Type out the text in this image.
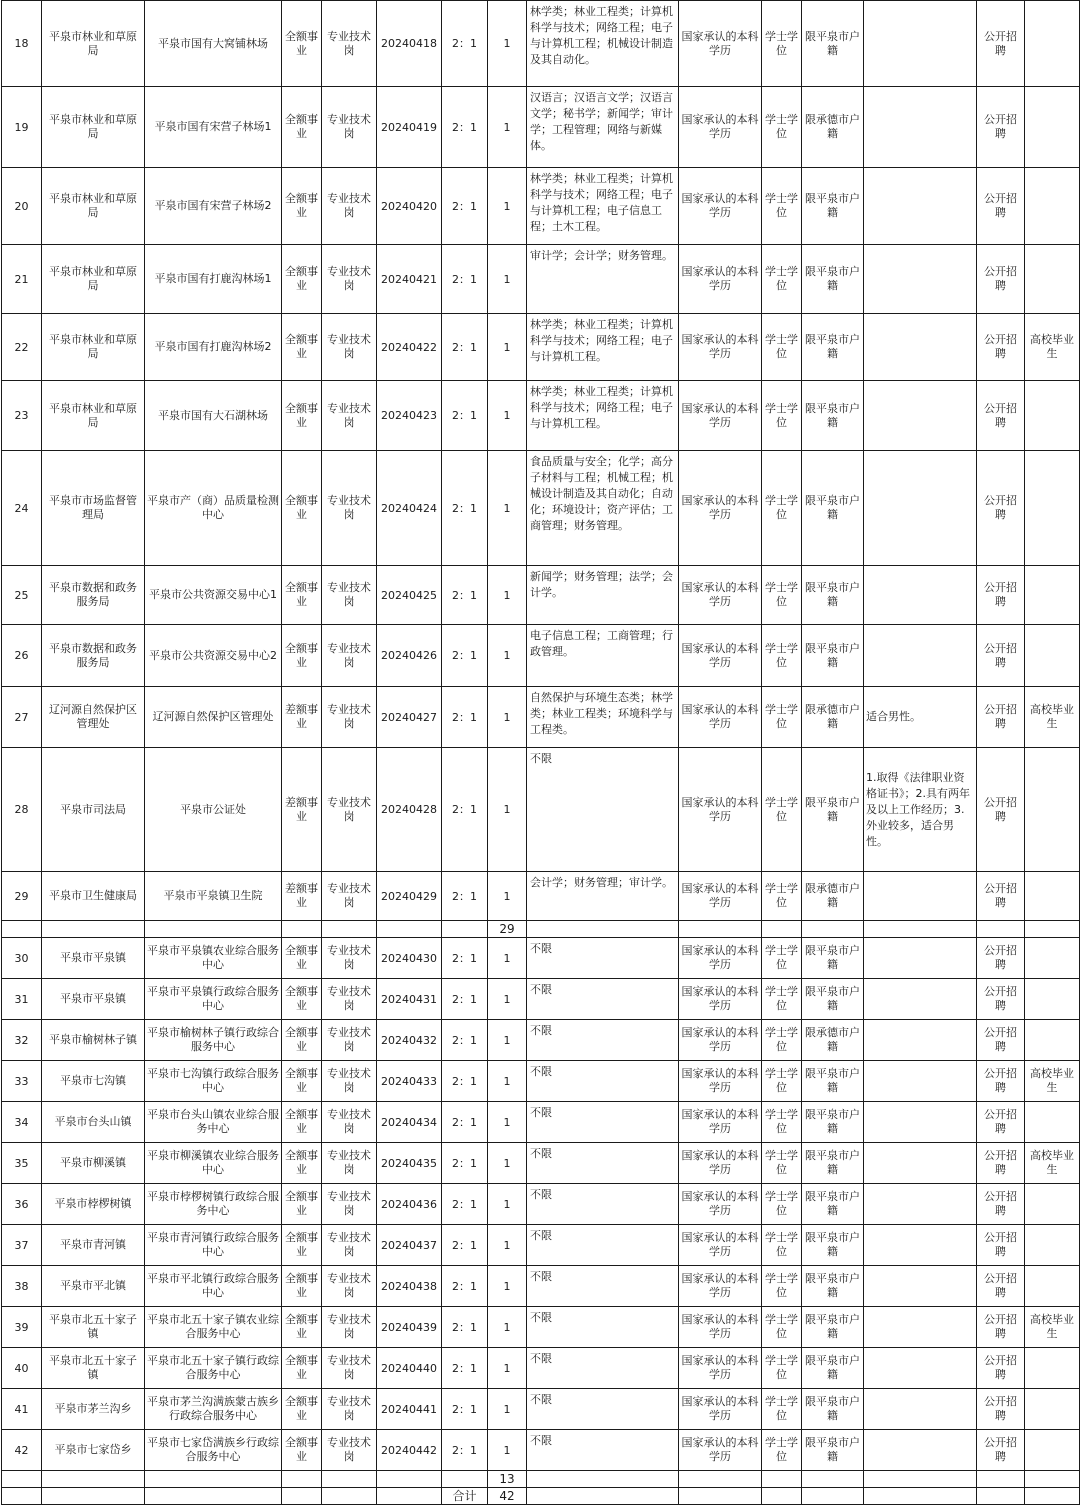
18	平泉市林业和草原局	平泉市国有大窝铺林场	全额事业	专业技术岗	20240418	2：1	1	林学类；林业工程类；计算机科学与技术；网络工程；电子与计算机工程；机械设计制造及其自动化。	国家承认的本科学历	学士学位	限平泉市户籍		公开招聘	
19	平泉市林业和草原局	平泉市国有宋营子林场1	全额事业	专业技术岗	20240419	2：1	1	汉语言；汉语言文学；汉语言文学；秘书学；新闻学；审计学；工程管理；网络与新媒体。	国家承认的本科学历	学士学位	限承德市户籍		公开招聘	
20	平泉市林业和草原局	平泉市国有宋营子林场2	全额事业	专业技术岗	20240420	2：1	1	林学类；林业工程类；计算机科学与技术；网络工程；电子与计算机工程；电子信息工程；土木工程。	国家承认的本科学历	学士学位	限平泉市户籍		公开招聘	
21	平泉市林业和草原局	平泉市国有打鹿沟林场1	全额事业	专业技术岗	20240421	2：1	1	审计学；会计学；财务管理。	国家承认的本科学历	学士学位	限平泉市户籍		公开招聘	
22	平泉市林业和草原局	平泉市国有打鹿沟林场2	全额事业	专业技术岗	20240422	2：1	1	林学类；林业工程类；计算机科学与技术；网络工程；电子与计算机工程。	国家承认的本科学历	学士学位	限平泉市户籍		公开招聘	高校毕业生
23	平泉市林业和草原局	平泉市国有大石湖林场	全额事业	专业技术岗	20240423	2：1	1	林学类；林业工程类；计算机科学与技术；网络工程；电子与计算机工程。	国家承认的本科学历	学士学位	限平泉市户籍		公开招聘	
24	平泉市市场监督管理局	平泉市产（商）品质量检测中心	全额事业	专业技术岗	20240424	2：1	1	食品质量与安全；化学；高分子材料与工程；机械工程；机械设计制造及其自动化；自动化；环境设计；资产评估；工商管理；财务管理。	国家承认的本科学历	学士学位	限平泉市户籍		公开招聘	
25	平泉市数据和政务服务局	平泉市公共资源交易中心1	全额事业	专业技术岗	20240425	2：1	1	新闻学；财务管理；法学；会计学。	国家承认的本科学历	学士学位	限平泉市户籍		公开招聘	
26	平泉市数据和政务服务局	平泉市公共资源交易中心2	全额事业	专业技术岗	20240426	2：1	1	电子信息工程；工商管理；行政管理。	国家承认的本科学历	学士学位	限平泉市户籍		公开招聘	
27	辽河源自然保护区管理处	辽河源自然保护区管理处	差额事业	专业技术岗	20240427	2：1	1	自然保护与环境生态类；林学类；林业工程类；环境科学与工程类。	国家承认的本科学历	学士学位	限承德市户籍	适合男性。	公开招聘	高校毕业生
28	平泉市司法局	平泉市公证处	差额事业	专业技术岗	20240428	2：1	1	不限	国家承认的本科学历	学士学位	限平泉市户籍	1.取得《法律职业资格证书》；2.具有两年及以上工作经历；3.外业较多，适合男性。	公开招聘	
29	平泉市卫生健康局	平泉市平泉镇卫生院	差额事业	专业技术岗	20240429	2：1	1	会计学；财务管理；审计学。	国家承认的本科学历	学士学位	限承德市户籍		公开招聘	
							29							
30	平泉市平泉镇	平泉市平泉镇农业综合服务中心	全额事业	专业技术岗	20240430	2：1	1	不限	国家承认的本科学历	学士学位	限平泉市户籍		公开招聘	
31	平泉市平泉镇	平泉市平泉镇行政综合服务中心	全额事业	专业技术岗	20240431	2：1	1	不限	国家承认的本科学历	学士学位	限平泉市户籍		公开招聘	
32	平泉市榆树林子镇	平泉市榆树林子镇行政综合服务中心	全额事业	专业技术岗	20240432	2：1	1	不限	国家承认的本科学历	学士学位	限承德市户籍		公开招聘	
33	平泉市七沟镇	平泉市七沟镇行政综合服务中心	全额事业	专业技术岗	20240433	2：1	1	不限	国家承认的本科学历	学士学位	限平泉市户籍		公开招聘	高校毕业生
34	平泉市台头山镇	平泉市台头山镇农业综合服务中心	全额事业	专业技术岗	20240434	2：1	1	不限	国家承认的本科学历	学士学位	限平泉市户籍		公开招聘	
35	平泉市柳溪镇	平泉市柳溪镇农业综合服务中心	全额事业	专业技术岗	20240435	2：1	1	不限	国家承认的本科学历	学士学位	限平泉市户籍		公开招聘	高校毕业生
36	平泉市桲椤树镇	平泉市桲椤树镇行政综合服务中心	全额事业	专业技术岗	20240436	2：1	1	不限	国家承认的本科学历	学士学位	限平泉市户籍		公开招聘	
37	平泉市青河镇	平泉市青河镇行政综合服务中心	全额事业	专业技术岗	20240437	2：1	1	不限	国家承认的本科学历	学士学位	限平泉市户籍		公开招聘	
38	平泉市平北镇	平泉市平北镇行政综合服务中心	全额事业	专业技术岗	20240438	2：1	1	不限	国家承认的本科学历	学士学位	限平泉市户籍		公开招聘	
39	平泉市北五十家子镇	平泉市北五十家子镇农业综合服务中心	全额事业	专业技术岗	20240439	2：1	1	不限	国家承认的本科学历	学士学位	限平泉市户籍		公开招聘	高校毕业生
40	平泉市北五十家子镇	平泉市北五十家子镇行政综合服务中心	全额事业	专业技术岗	20240440	2：1	1	不限	国家承认的本科学历	学士学位	限平泉市户籍		公开招聘	
41	平泉市茅兰沟乡	平泉市茅兰沟满族蒙古族乡行政综合服务中心	全额事业	专业技术岗	20240441	2：1	1	不限	国家承认的本科学历	学士学位	限平泉市户籍		公开招聘	
42	平泉市七家岱乡	平泉市七家岱满族乡行政综合服务中心	全额事业	专业技术岗	20240442	2：1	1	不限	国家承认的本科学历	学士学位	限平泉市户籍		公开招聘	
							13							
						合计	42							
